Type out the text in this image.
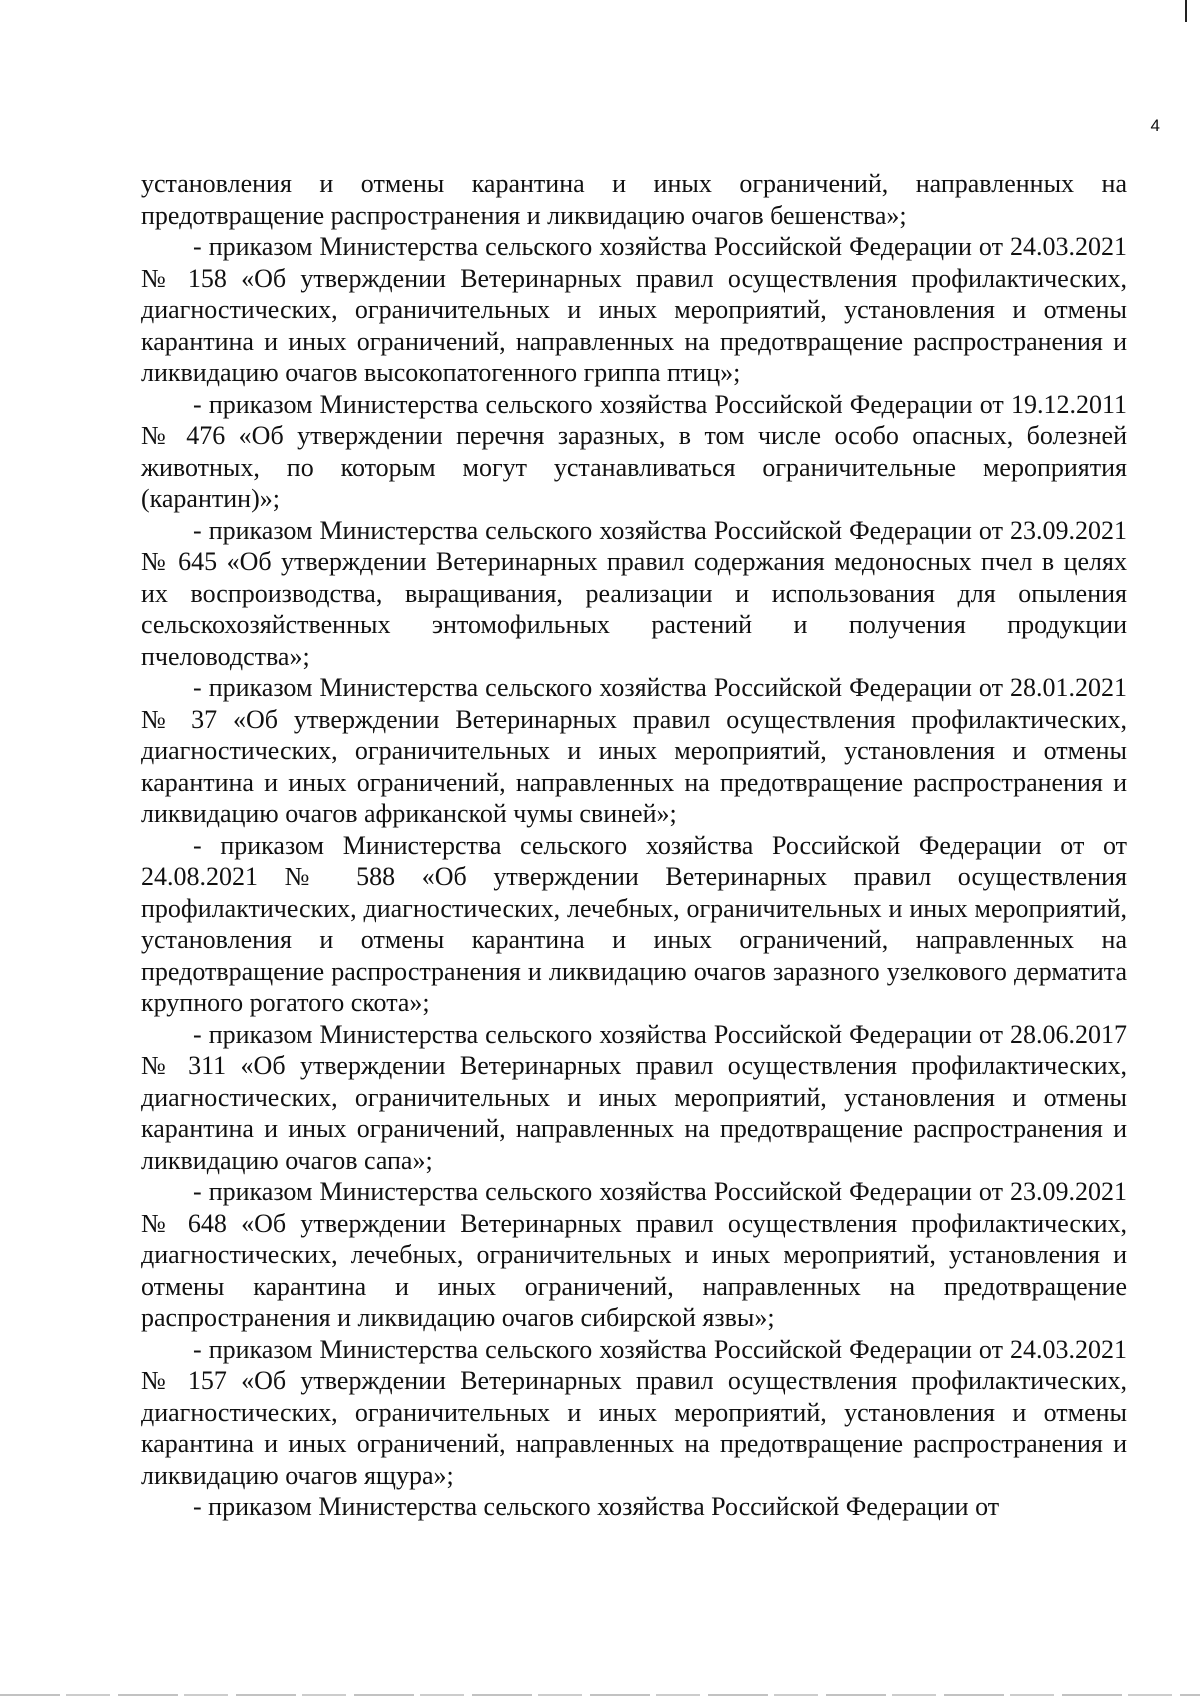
4

установления и отмены карантина и иных ограничений, направленных на предотвращение распространения и ликвидацию очагов бешенства»;

- приказом Министерства сельского хозяйства Российской Федерации от 24.03.2021 № 158 «Об утверждении Ветеринарных правил осуществления профилактических, диагностических, ограничительных и иных мероприятий, установления и отмены карантина и иных ограничений, направленных на предотвращение распространения и ликвидацию очагов высокопатогенного гриппа птиц»;

- приказом Министерства сельского хозяйства Российской Федерации от 19.12.2011 № 476 «Об утверждении перечня заразных, в том числе особо опасных, болезней животных, по которым могут устанавливаться ограничительные мероприятия (карантин)»;

- приказом Министерства сельского хозяйства Российской Федерации от 23.09.2021 № 645 «Об утверждении Ветеринарных правил содержания медоносных пчел в целях их воспроизводства, выращивания, реализации и использования для опыления сельскохозяйственных энтомофильных растений и получения продукции пчеловодства»;

- приказом Министерства сельского хозяйства Российской Федерации от 28.01.2021 № 37 «Об утверждении Ветеринарных правил осуществления профилактических, диагностических, ограничительных и иных мероприятий, установления и отмены карантина и иных ограничений, направленных на предотвращение распространения и ликвидацию очагов африканской чумы свиней»;

- приказом Министерства сельского хозяйства Российской Федерации от от 24.08.2021 № 588 «Об утверждении Ветеринарных правил осуществления профилактических, диагностических, лечебных, ограничительных и иных мероприятий, установления и отмены карантина и иных ограничений, направленных на предотвращение распространения и ликвидацию очагов заразного узелкового дерматита крупного рогатого скота»;

- приказом Министерства сельского хозяйства Российской Федерации от 28.06.2017 № 311 «Об утверждении Ветеринарных правил осуществления профилактических, диагностических, ограничительных и иных мероприятий, установления и отмены карантина и иных ограничений, направленных на предотвращение распространения и ликвидацию очагов сапа»;

- приказом Министерства сельского хозяйства Российской Федерации от 23.09.2021 № 648 «Об утверждении Ветеринарных правил осуществления профилактических, диагностических, лечебных, ограничительных и иных мероприятий, установления и отмены карантина и иных ограничений, направленных на предотвращение распространения и ликвидацию очагов сибирской язвы»;

- приказом Министерства сельского хозяйства Российской Федерации от 24.03.2021 № 157 «Об утверждении Ветеринарных правил осуществления профилактических, диагностических, ограничительных и иных мероприятий, установления и отмены карантина и иных ограничений, направленных на предотвращение распространения и ликвидацию очагов ящура»;

- приказом Министерства сельского хозяйства Российской Федерации от
